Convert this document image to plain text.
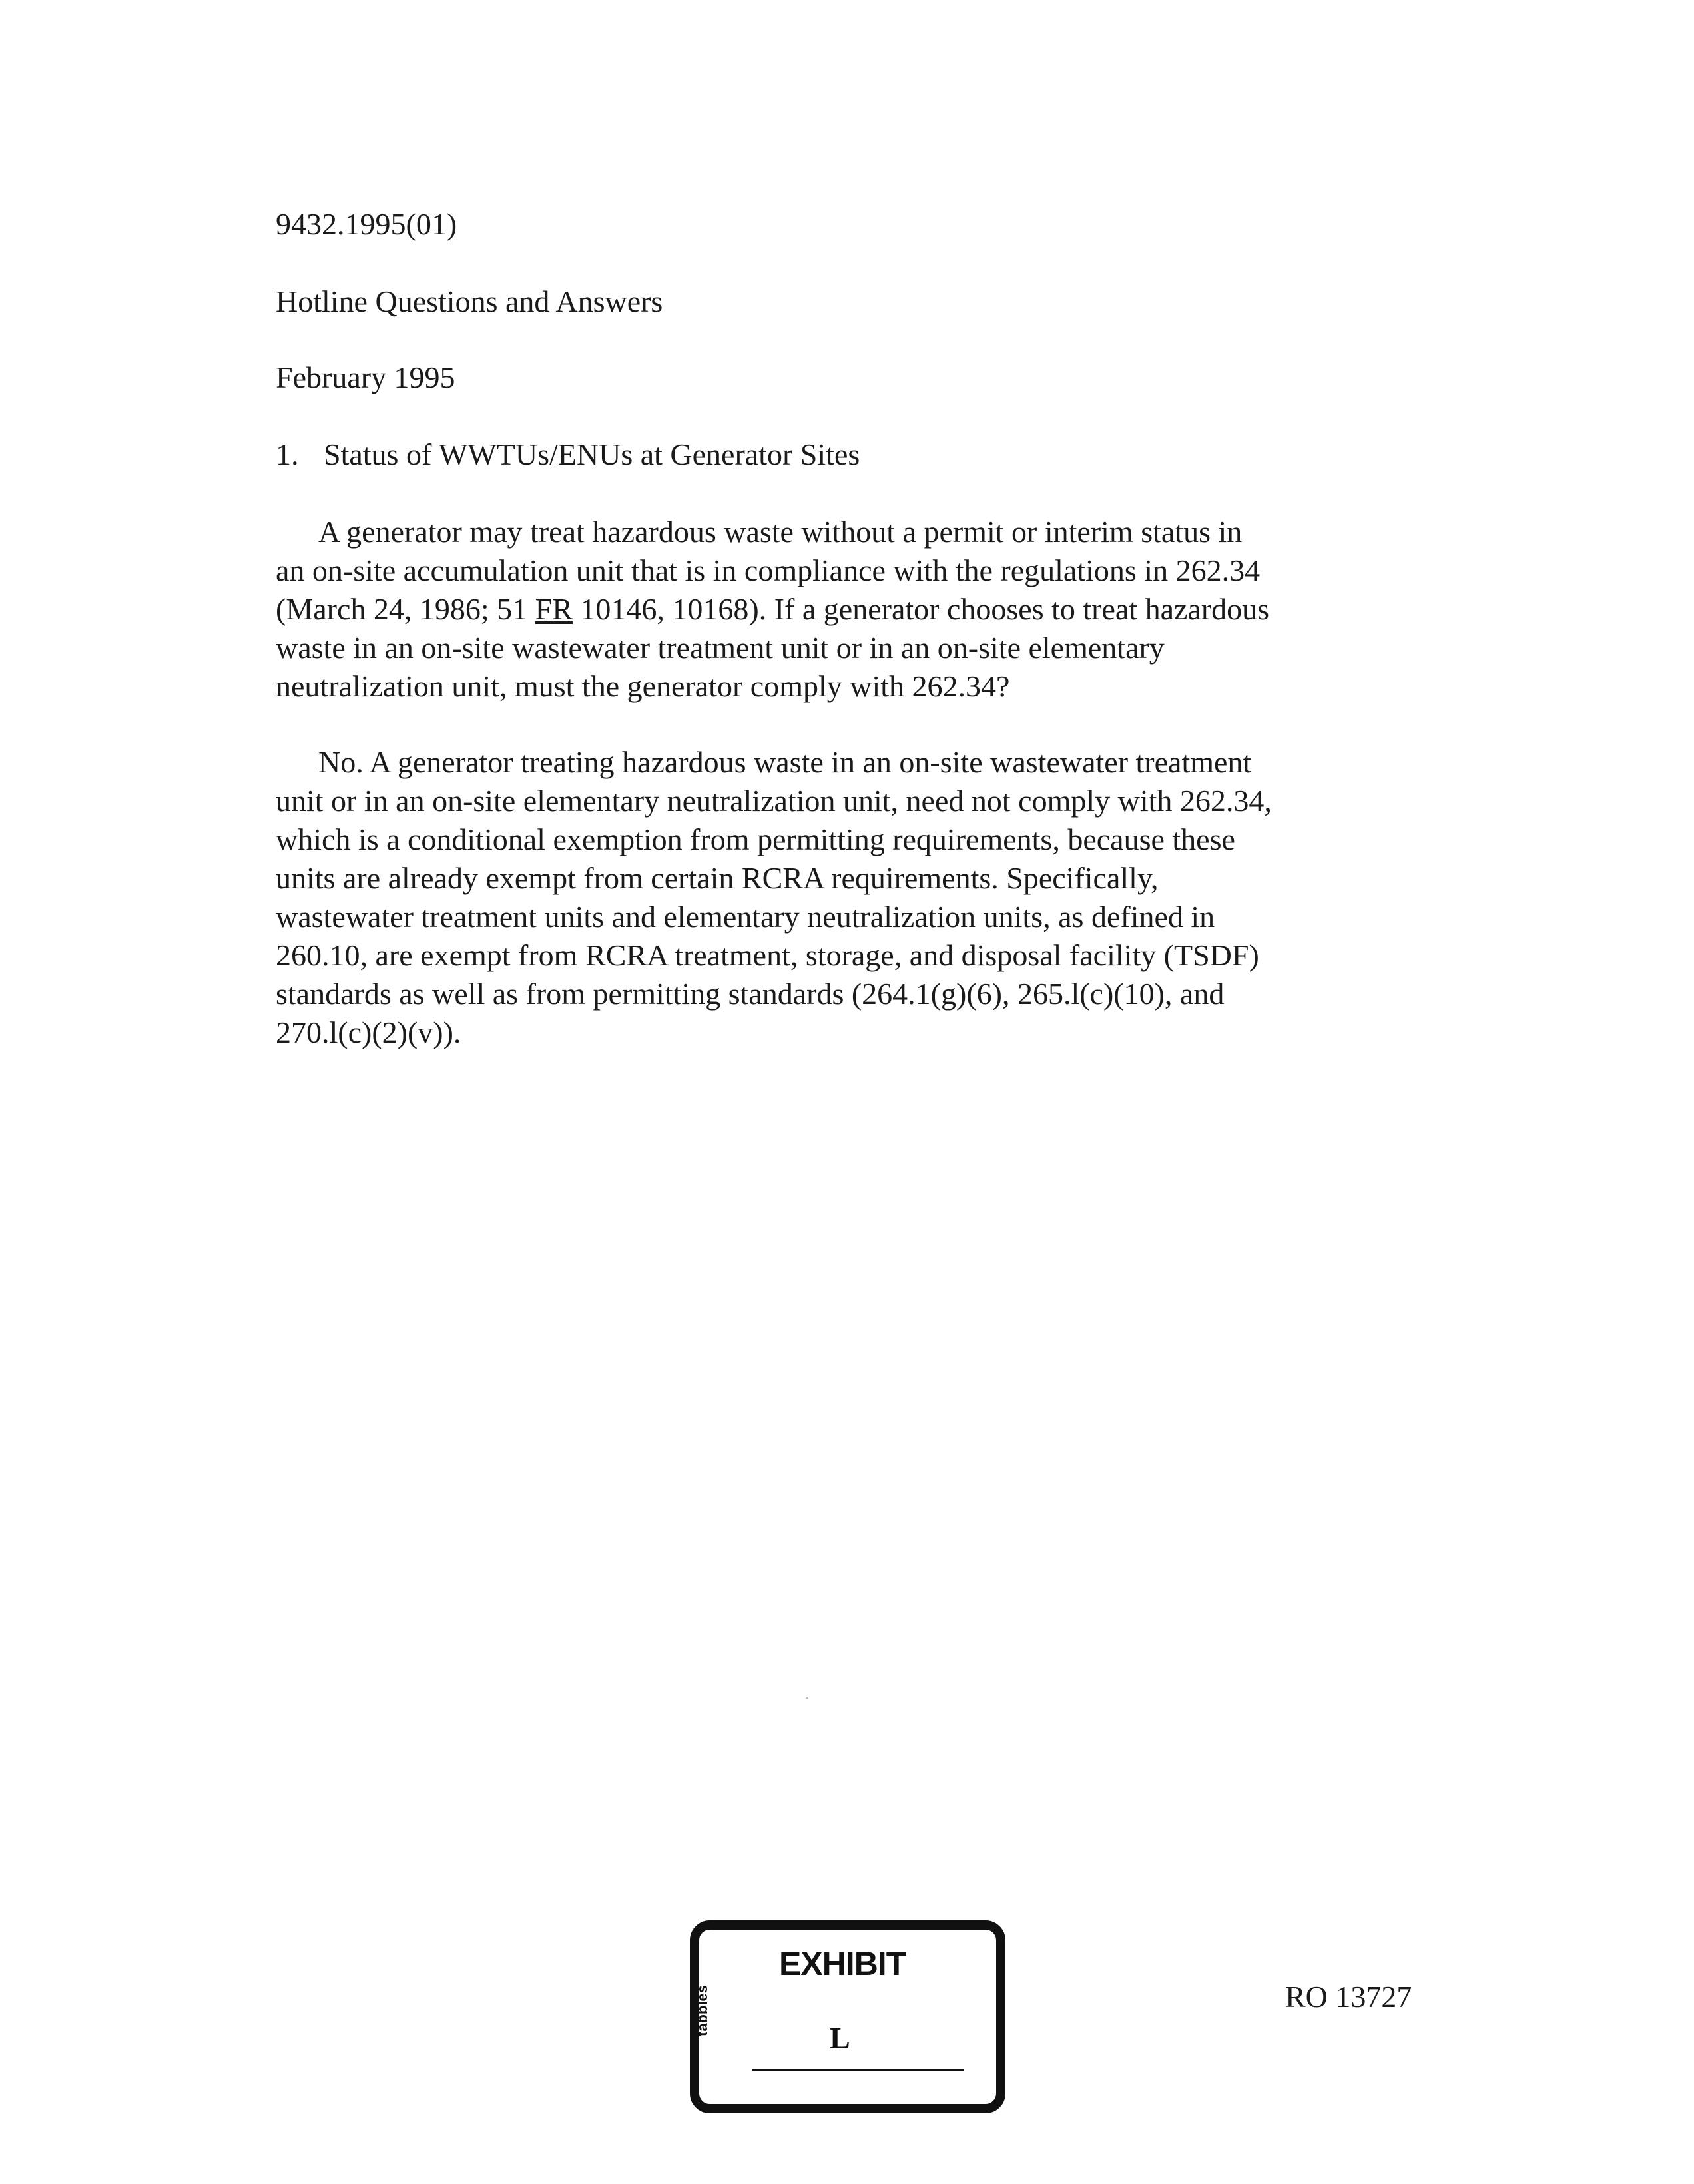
9432.1995(01)
Hotline Questions and Answers
February 1995
1. Status of WWTUs/ENUs at Generator Sites
A generator may treat hazardous waste without a permit or interim status in
an on-site accumulation unit that is in compliance with the regulations in 262.34
(March 24, 1986; 51 FR 10146, 10168). If a generator chooses to treat hazardous
waste in an on-site wastewater treatment unit or in an on-site elementary
neutralization unit, must the generator comply with 262.34?
No. A generator treating hazardous waste in an on-site wastewater treatment
unit or in an on-site elementary neutralization unit, need not comply with 262.34,
which is a conditional exemption from permitting requirements, because these
units are already exempt from certain RCRA requirements. Specifically,
wastewater treatment units and elementary neutralization units, as defined in
260.10, are exempt from RCRA treatment, storage, and disposal facility (TSDF)
standards as well as from permitting standards (264.1(g)(6), 265.l(c)(10), and
270.l(c)(2)(v)).
tabbles
EXHIBIT
L
RO 13727
